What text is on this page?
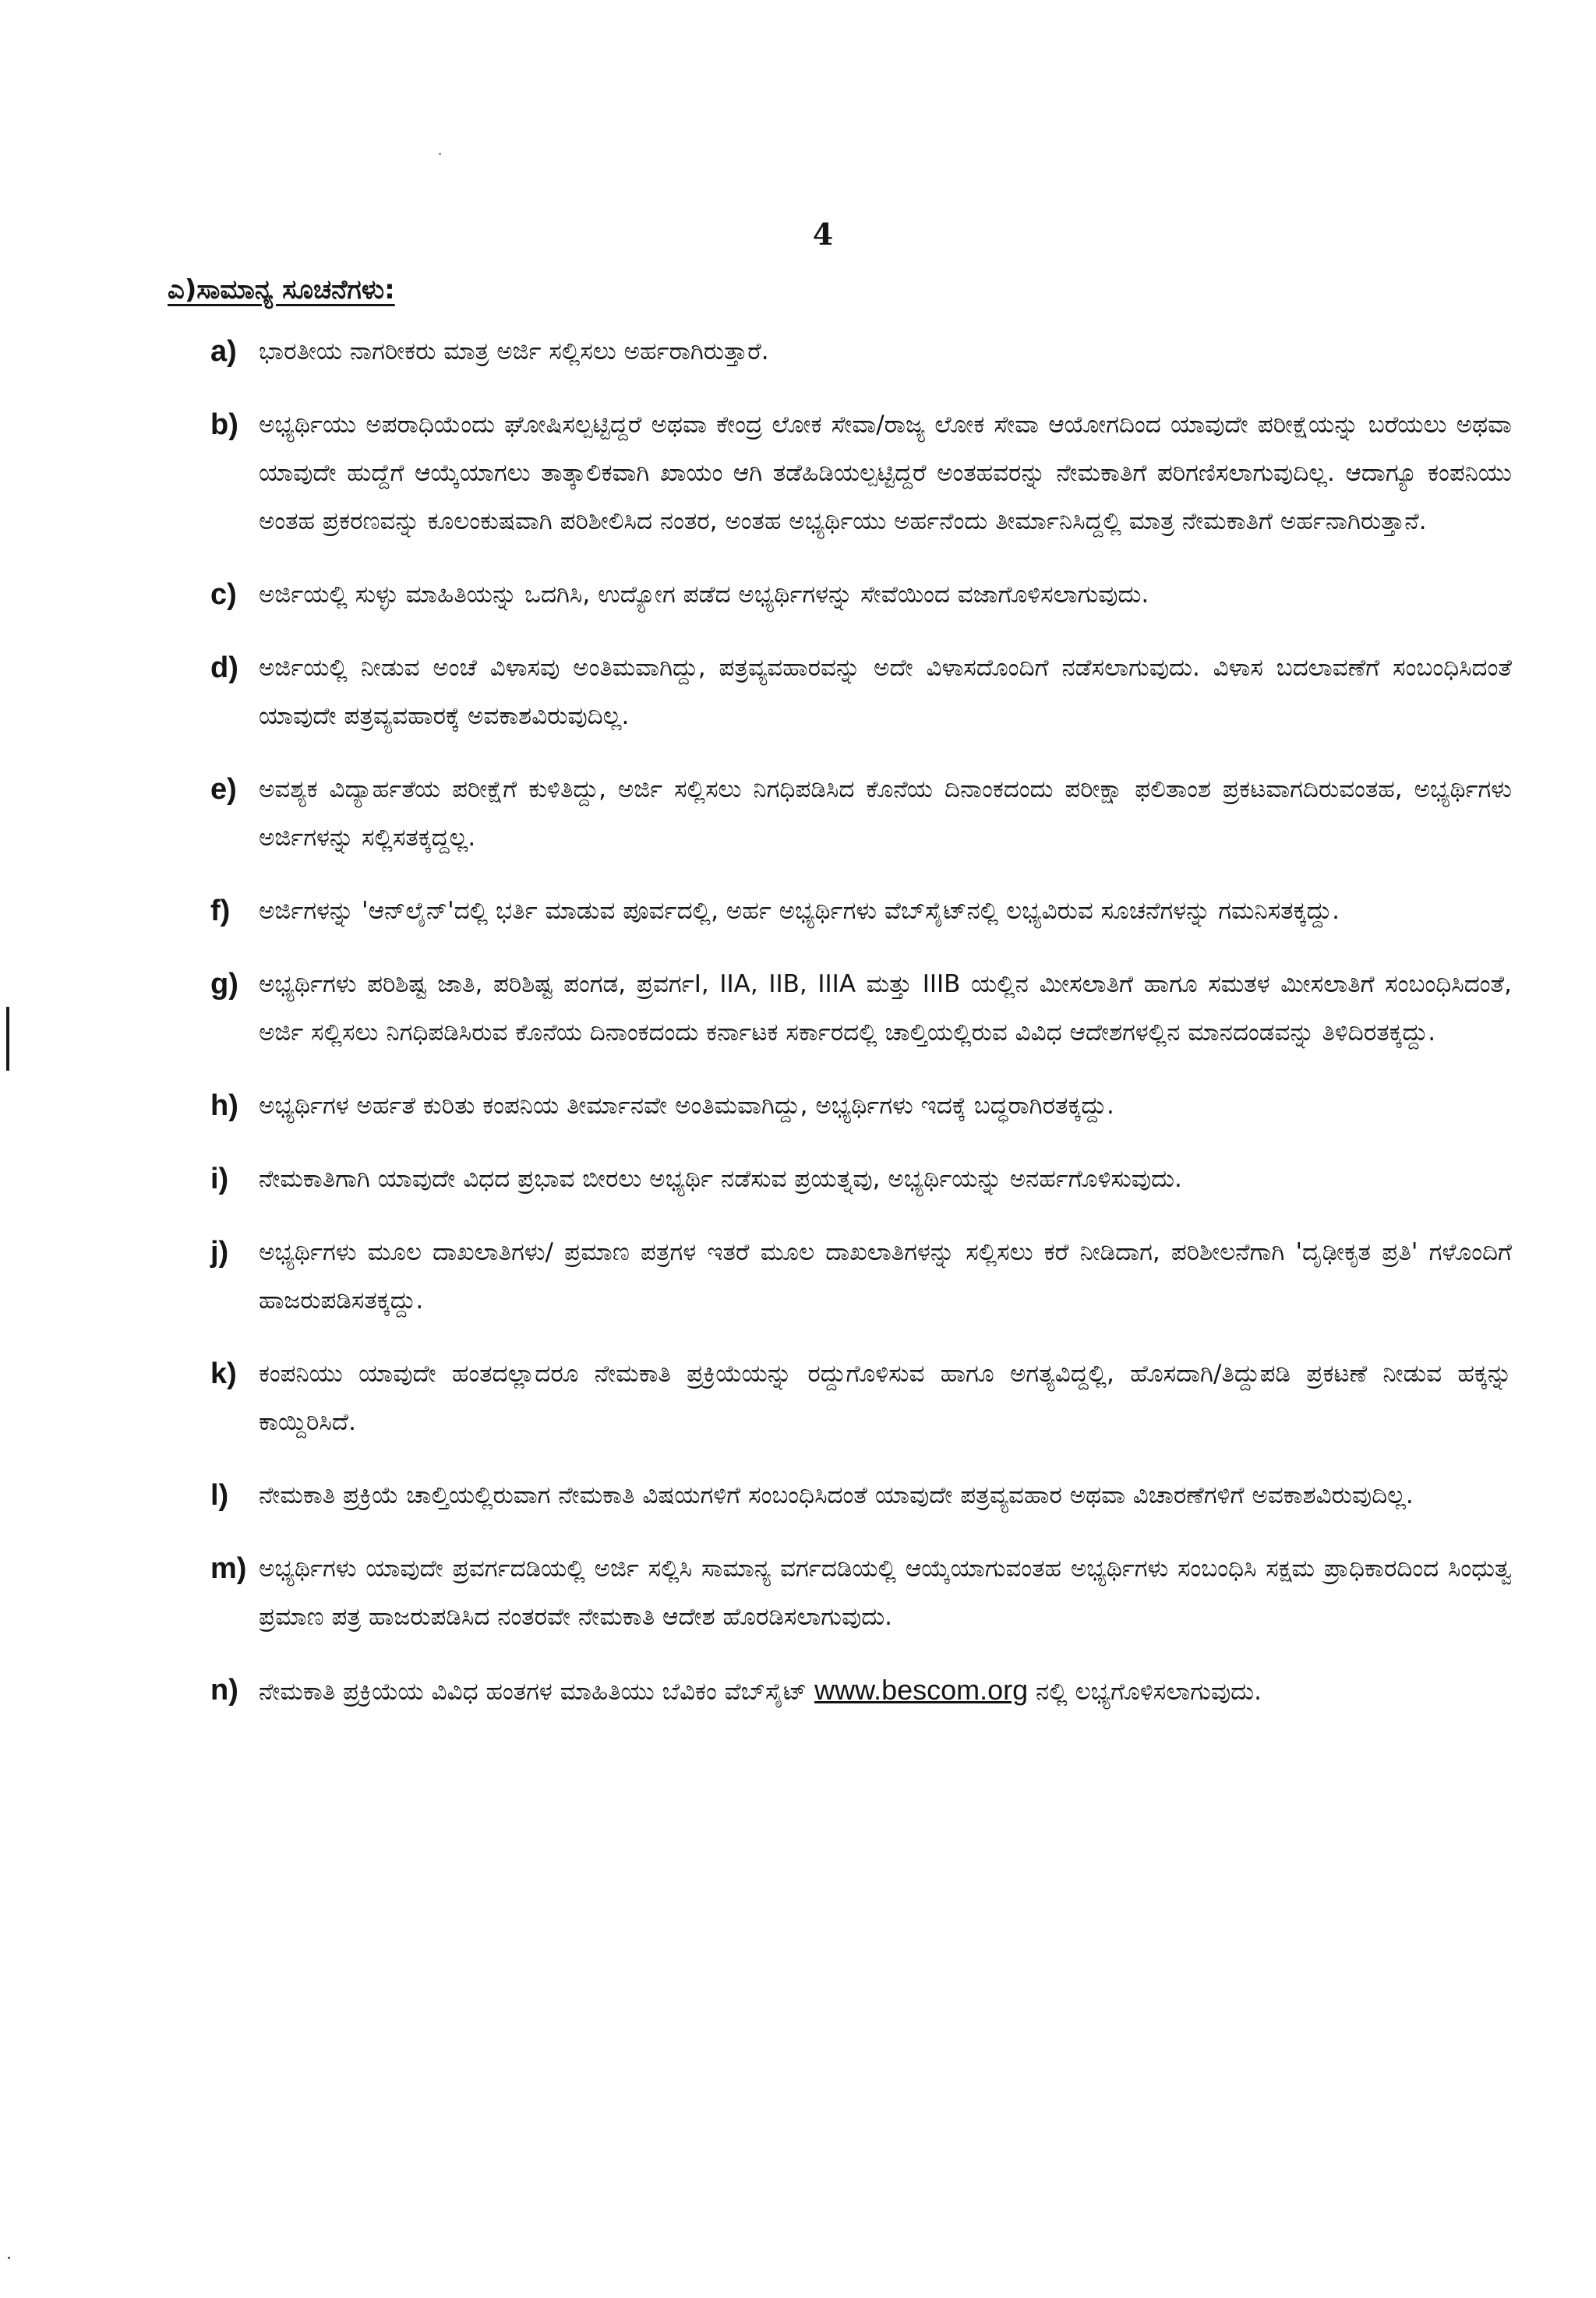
4
ಎ)ಸಾಮಾನ್ಯ ಸೂಚನೆಗಳು:
a) ಭಾರತೀಯ ನಾಗರೀಕರು ಮಾತ್ರ ಅರ್ಜಿ ಸಲ್ಲಿಸಲು ಅರ್ಹರಾಗಿರುತ್ತಾರೆ.
b) ಅಭ್ಯರ್ಥಿಯು ಅಪರಾಧಿಯೆಂದು ಘೋಷಿಸಲ್ಪಟ್ಟಿದ್ದರೆ ಅಥವಾ ಕೇಂದ್ರ ಲೋಕ ಸೇವಾ/ರಾಜ್ಯ ಲೋಕ ಸೇವಾ ಆಯೋಗದಿಂದ ಯಾವುದೇ ಪರೀಕ್ಷೆಯನ್ನು ಬರೆಯಲು ಅಥವಾ ಯಾವುದೇ ಹುದ್ದೆಗೆ ಆಯ್ಕೆಯಾಗಲು ತಾತ್ಕಾಲಿಕವಾಗಿ ಖಾಯಂ ಆಗಿ ತಡೆಹಿಡಿಯಲ್ಪಟ್ಟಿದ್ದರೆ ಅಂತಹವರನ್ನು ನೇಮಕಾತಿಗೆ ಪರಿಗಣಿಸಲಾಗುವುದಿಲ್ಲ. ಆದಾಗ್ಯೂ ಕಂಪನಿಯು ಅಂತಹ ಪ್ರಕರಣವನ್ನು ಕೂಲಂಕುಷವಾಗಿ ಪರಿಶೀಲಿಸಿದ ನಂತರ, ಅಂತಹ ಅಭ್ಯರ್ಥಿಯು ಅರ್ಹನೆಂದು ತೀರ್ಮಾನಿಸಿದ್ದಲ್ಲಿ ಮಾತ್ರ ನೇಮಕಾತಿಗೆ ಅರ್ಹನಾಗಿರುತ್ತಾನೆ.
c) ಅರ್ಜಿಯಲ್ಲಿ ಸುಳ್ಳು ಮಾಹಿತಿಯನ್ನು ಒದಗಿಸಿ, ಉದ್ಯೋಗ ಪಡೆದ ಅಭ್ಯರ್ಥಿಗಳನ್ನು ಸೇವೆಯಿಂದ ವಜಾಗೊಳಿಸಲಾಗುವುದು.
d) ಅರ್ಜಿಯಲ್ಲಿ ನೀಡುವ ಅಂಚೆ ವಿಳಾಸವು ಅಂತಿಮವಾಗಿದ್ದು, ಪತ್ರವ್ಯವಹಾರವನ್ನು ಅದೇ ವಿಳಾಸದೊಂದಿಗೆ ನಡೆಸಲಾಗುವುದು. ವಿಳಾಸ ಬದಲಾವಣೆಗೆ ಸಂಬಂಧಿಸಿದಂತೆ ಯಾವುದೇ ಪತ್ರವ್ಯವಹಾರಕ್ಕೆ ಅವಕಾಶವಿರುವುದಿಲ್ಲ.
e) ಅವಶ್ಯಕ ವಿದ್ಯಾರ್ಹತೆಯ ಪರೀಕ್ಷೆಗೆ ಕುಳಿತಿದ್ದು, ಅರ್ಜಿ ಸಲ್ಲಿಸಲು ನಿಗಧಿಪಡಿಸಿದ ಕೊನೆಯ ದಿನಾಂಕದಂದು ಪರೀಕ್ಷಾ ಫಲಿತಾಂಶ ಪ್ರಕಟವಾಗದಿರುವಂತಹ, ಅಭ್ಯರ್ಥಿಗಳು ಅರ್ಜಿಗಳನ್ನು ಸಲ್ಲಿಸತಕ್ಕದ್ದಲ್ಲ.
f) ಅರ್ಜಿಗಳನ್ನು 'ಆನ್‌ಲೈನ್'ದಲ್ಲಿ ಭರ್ತಿ ಮಾಡುವ ಪೂರ್ವದಲ್ಲಿ, ಅರ್ಹ ಅಭ್ಯರ್ಥಿಗಳು ವೆಬ್‌ಸೈಟ್‌ನಲ್ಲಿ ಲಭ್ಯವಿರುವ ಸೂಚನೆಗಳನ್ನು ಗಮನಿಸತಕ್ಕದ್ದು.
g) ಅಭ್ಯರ್ಥಿಗಳು ಪರಿಶಿಷ್ಟ ಜಾತಿ, ಪರಿಶಿಷ್ಟ ಪಂಗಡ, ಪ್ರವರ್ಗI, IIA, IIB, IIIA ಮತ್ತು IIIB ಯಲ್ಲಿನ ಮೀಸಲಾತಿಗೆ ಹಾಗೂ ಸಮತಳ ಮೀಸಲಾತಿಗೆ ಸಂಬಂಧಿಸಿದಂತೆ, ಅರ್ಜಿ ಸಲ್ಲಿಸಲು ನಿಗಧಿಪಡಿಸಿರುವ ಕೊನೆಯ ದಿನಾಂಕದಂದು ಕರ್ನಾಟಕ ಸರ್ಕಾರದಲ್ಲಿ ಚಾಲ್ತಿಯಲ್ಲಿರುವ ವಿವಿಧ ಆದೇಶಗಳಲ್ಲಿನ ಮಾನದಂಡವನ್ನು ತಿಳಿದಿರತಕ್ಕದ್ದು.
h) ಅಭ್ಯರ್ಥಿಗಳ ಅರ್ಹತೆ ಕುರಿತು ಕಂಪನಿಯ ತೀರ್ಮಾನವೇ ಅಂತಿಮವಾಗಿದ್ದು, ಅಭ್ಯರ್ಥಿಗಳು ಇದಕ್ಕೆ ಬದ್ಧರಾಗಿರತಕ್ಕದ್ದು.
i) ನೇಮಕಾತಿಗಾಗಿ ಯಾವುದೇ ವಿಧದ ಪ್ರಭಾವ ಬೀರಲು ಅಭ್ಯರ್ಥಿ ನಡೆಸುವ ಪ್ರಯತ್ನವು, ಅಭ್ಯರ್ಥಿಯನ್ನು ಅನರ್ಹಗೊಳಿಸುವುದು.
j) ಅಭ್ಯರ್ಥಿಗಳು ಮೂಲ ದಾಖಲಾತಿಗಳು/ ಪ್ರಮಾಣ ಪತ್ರಗಳ ಇತರೆ ಮೂಲ ದಾಖಲಾತಿಗಳನ್ನು ಸಲ್ಲಿಸಲು ಕರೆ ನೀಡಿದಾಗ, ಪರಿಶೀಲನೆಗಾಗಿ 'ದೃಢೀಕೃತ ಪ್ರತಿ' ಗಳೊಂದಿಗೆ ಹಾಜರುಪಡಿಸತಕ್ಕದ್ದು.
k) ಕಂಪನಿಯು ಯಾವುದೇ ಹಂತದಲ್ಲಾದರೂ ನೇಮಕಾತಿ ಪ್ರಕ್ರಿಯೆಯನ್ನು ರದ್ದುಗೊಳಿಸುವ ಹಾಗೂ ಅಗತ್ಯವಿದ್ದಲ್ಲಿ, ಹೊಸದಾಗಿ/ತಿದ್ದುಪಡಿ ಪ್ರಕಟಣೆ ನೀಡುವ ಹಕ್ಕನ್ನು ಕಾಯ್ದಿರಿಸಿದೆ.
l) ನೇಮಕಾತಿ ಪ್ರಕ್ರಿಯೆ ಚಾಲ್ತಿಯಲ್ಲಿರುವಾಗ ನೇಮಕಾತಿ ವಿಷಯಗಳಿಗೆ ಸಂಬಂಧಿಸಿದಂತೆ ಯಾವುದೇ ಪತ್ರವ್ಯವಹಾರ ಅಥವಾ ವಿಚಾರಣೆಗಳಿಗೆ ಅವಕಾಶವಿರುವುದಿಲ್ಲ.
m) ಅಭ್ಯರ್ಥಿಗಳು ಯಾವುದೇ ಪ್ರವರ್ಗದಡಿಯಲ್ಲಿ ಅರ್ಜಿ ಸಲ್ಲಿಸಿ ಸಾಮಾನ್ಯ ವರ್ಗದಡಿಯಲ್ಲಿ ಆಯ್ಕೆಯಾಗುವಂತಹ ಅಭ್ಯರ್ಥಿಗಳು ಸಂಬಂಧಿಸಿ ಸಕ್ಷಮ ಪ್ರಾಧಿಕಾರದಿಂದ ಸಿಂಧುತ್ವ ಪ್ರಮಾಣ ಪತ್ರ ಹಾಜರುಪಡಿಸಿದ ನಂತರವೇ ನೇಮಕಾತಿ ಆದೇಶ ಹೊರಡಿಸಲಾಗುವುದು.
n) ನೇಮಕಾತಿ ಪ್ರಕ್ರಿಯೆಯ ವಿವಿಧ ಹಂತಗಳ ಮಾಹಿತಿಯು ಬೆವಿಕಂ ವೆಬ್‌ಸೈಟ್ www.bescom.org ನಲ್ಲಿ ಲಭ್ಯಗೊಳಿಸಲಾಗುವುದು.
